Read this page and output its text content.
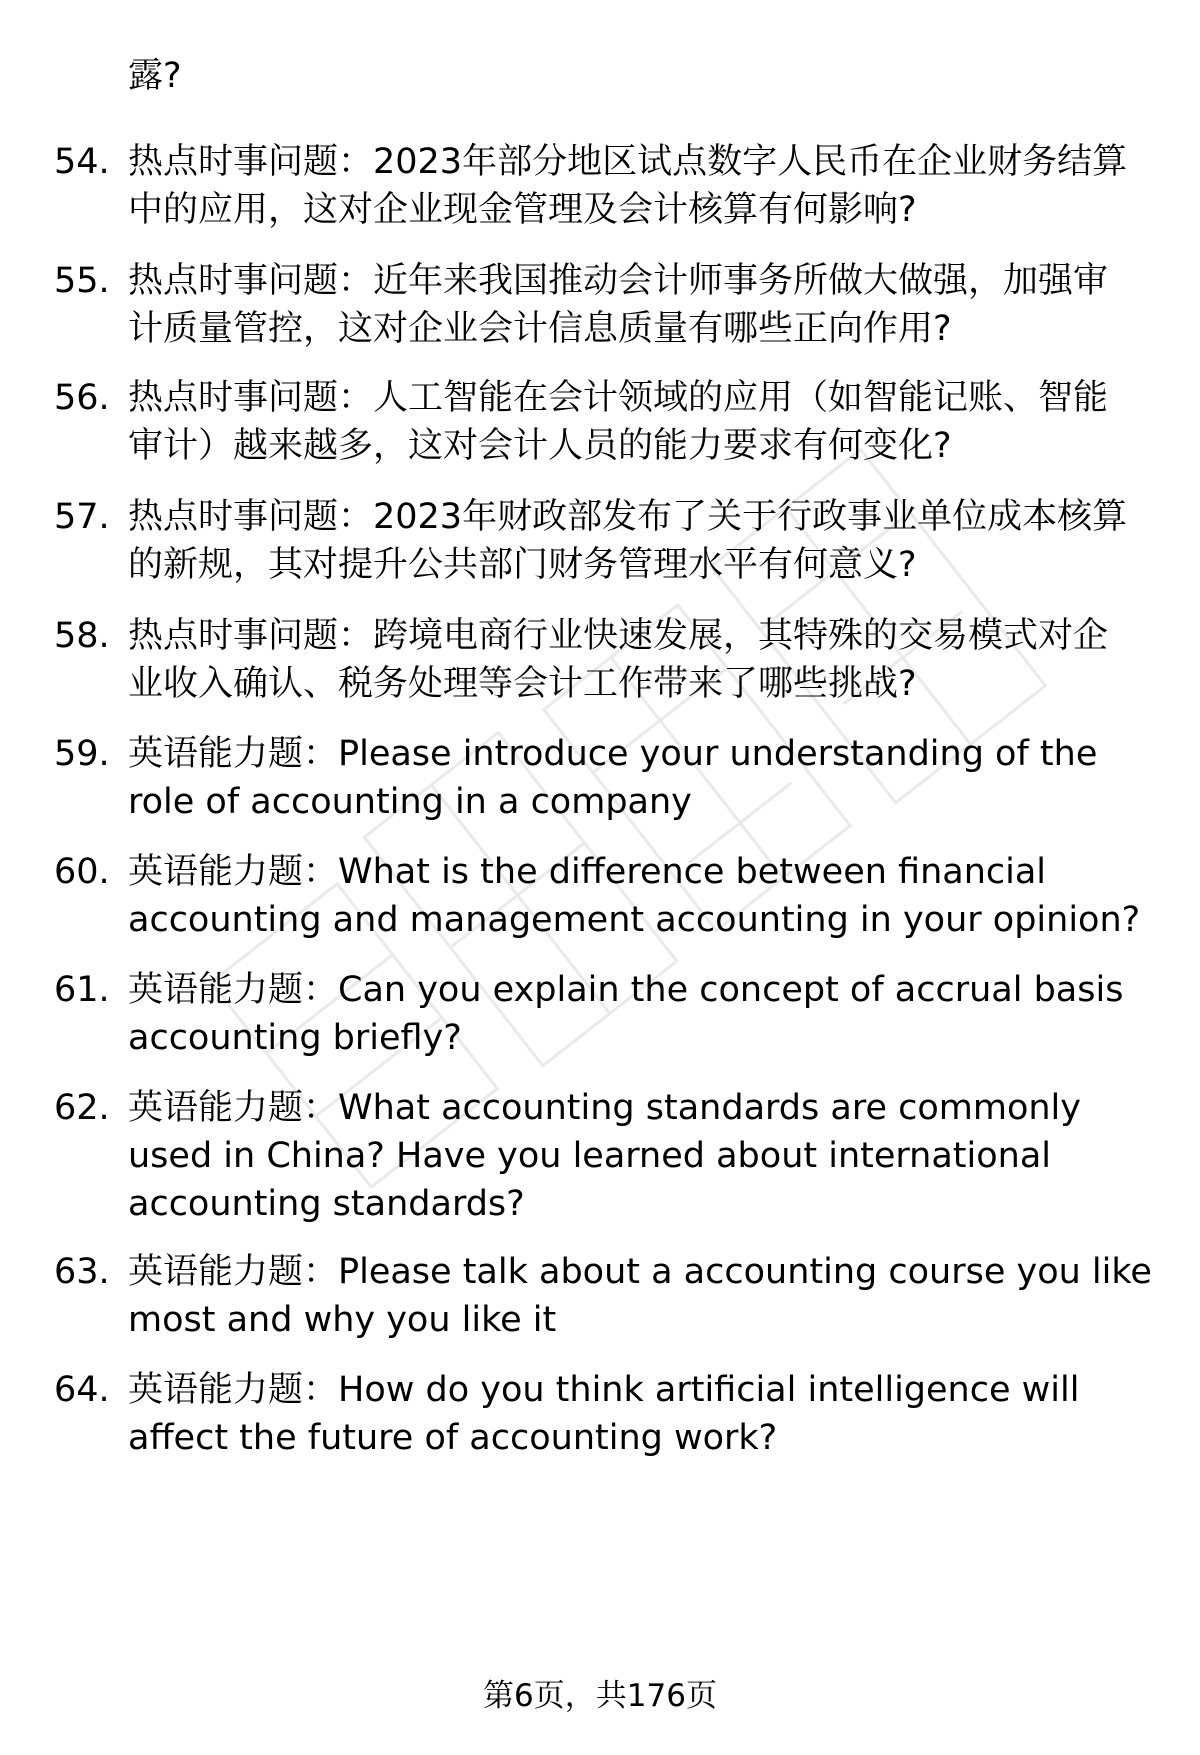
露?
54. 热点时事问题：2023年部分地区试点数字人民币在企业财务结算
中的应用，这对企业现金管理及会计核算有何影响?
55. 热点时事问题：近年来我国推动会计师事务所做大做强，加强审
计质量管控，这对企业会计信息质量有哪些正向作用?
56. 热点时事问题：人工智能在会计领域的应用（如智能记账、智能
审计）越来越多，这对会计人员的能力要求有何变化?
57. 热点时事问题：2023年财政部发布了关于行政事业单位成本核算
的新规，其对提升公共部门财务管理水平有何意义?
58. 热点时事问题：跨境电商行业快速发展，其特殊的交易模式对企
业收入确认、税务处理等会计工作带来了哪些挑战?
59. 英语能力题：Please introduce your understanding of the
role of accounting in a company
60. 英语能力题：What is the difference between financial
accounting and management accounting in your opinion?
61. 英语能力题：Can you explain the concept of accrual basis
accounting briefly?
62. 英语能力题：What accounting standards are commonly
used in China? Have you learned about international
accounting standards?
63. 英语能力题：Please talk about a accounting course you like
most and why you like it
64. 英语能力题：How do you think artificial intelligence will
affect the future of accounting work?
第6页，共176页
